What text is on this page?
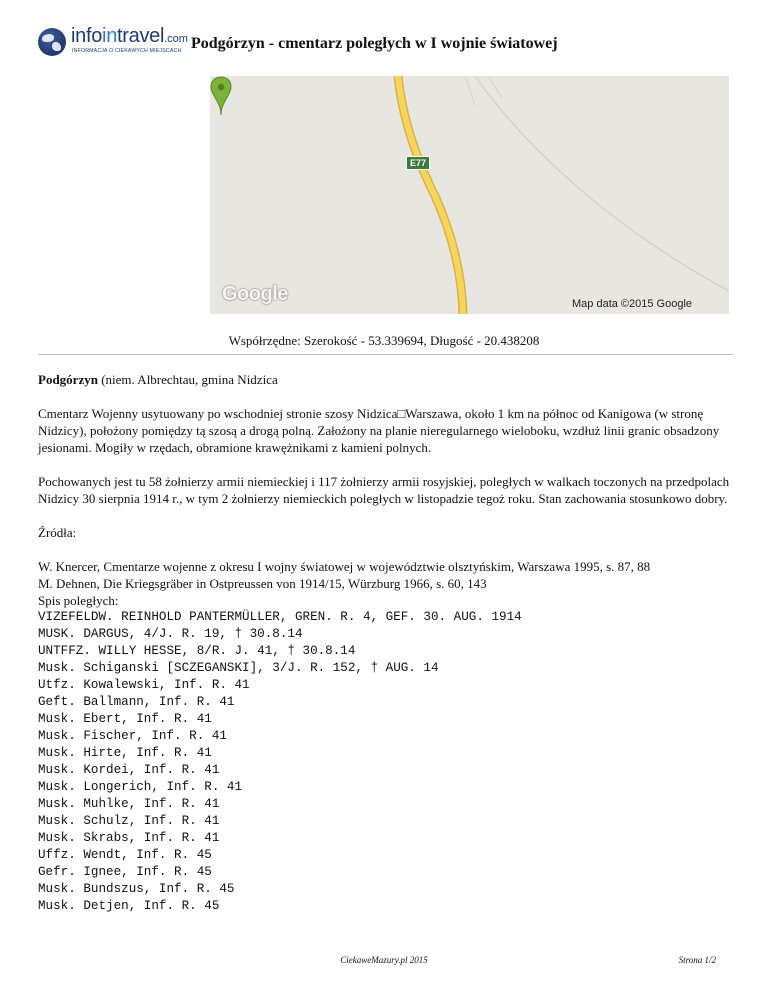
infointravel.com
INFORMACJA O CIEKAWYCH MIEJSCACH Podgórzyn - cmentarz poległych w I wojnie światowej
E77
Google	Map data ©2015 Google
Współrzędne: Szerokość - 53.339694, Długość - 20.438208

Podgórzyn (niem. Albrechtau, gmina Nidzica

Cmentarz Wojenny usytuowany po wschodniej stronie szosy Nidzica□Warszawa, około 1 km na północ od Kanigowa (w stronę Nidzicy), położony pomiędzy tą szosą a drogą polną. Założony na planie nieregularnego wieloboku, wzdłuż linii granic obsadzony jesionami. Mogiły w rzędach, obramione krawężnikami z kamieni polnych.

Pochowanych jest tu 58 żołnierzy armii niemieckiej i 117 żołnierzy armii rosyjskiej, poległych w walkach toczonych na przedpolach Nidzicy 30 sierpnia 1914 r., w tym 2 żołnierzy niemieckich poległych w listopadzie tegoż roku. Stan zachowania stosunkowo dobry.

Źródła:

W. Knercer, Cmentarze wojenne z okresu I wojny światowej w województwie olsztyńskim, Warszawa 1995, s. 87, 88
M. Dehnen, Die Kriegsgräber in Ostpreussen von 1914/15, Würzburg 1966, s. 60, 143
Spis poległych:
VIZEFELDW. REINHOLD PANTERMÜLLER, GREN. R. 4, GEF. 30. AUG. 1914
MUSK. DARGUS, 4/J. R. 19, † 30.8.14
UNTFFZ. WILLY HESSE, 8/R. J. 41, † 30.8.14
Musk. Schiganski [SCZEGANSKI], 3/J. R. 152, † AUG. 14
Utfz. Kowalewski, Inf. R. 41
Geft. Ballmann, Inf. R. 41
Musk. Ebert, Inf. R. 41
Musk. Fischer, Inf. R. 41
Musk. Hirte, Inf. R. 41
Musk. Kordei, Inf. R. 41
Musk. Longerich, Inf. R. 41
Musk. Muhlke, Inf. R. 41
Musk. Schulz, Inf. R. 41
Musk. Skrabs, Inf. R. 41
Uffz. Wendt, Inf. R. 45
Gefr. Ignee, Inf. R. 45
Musk. Bundszus, Inf. R. 45
Musk. Detjen, Inf. R. 45
CiekaweMazury.pl 2015	Strona 1/2
